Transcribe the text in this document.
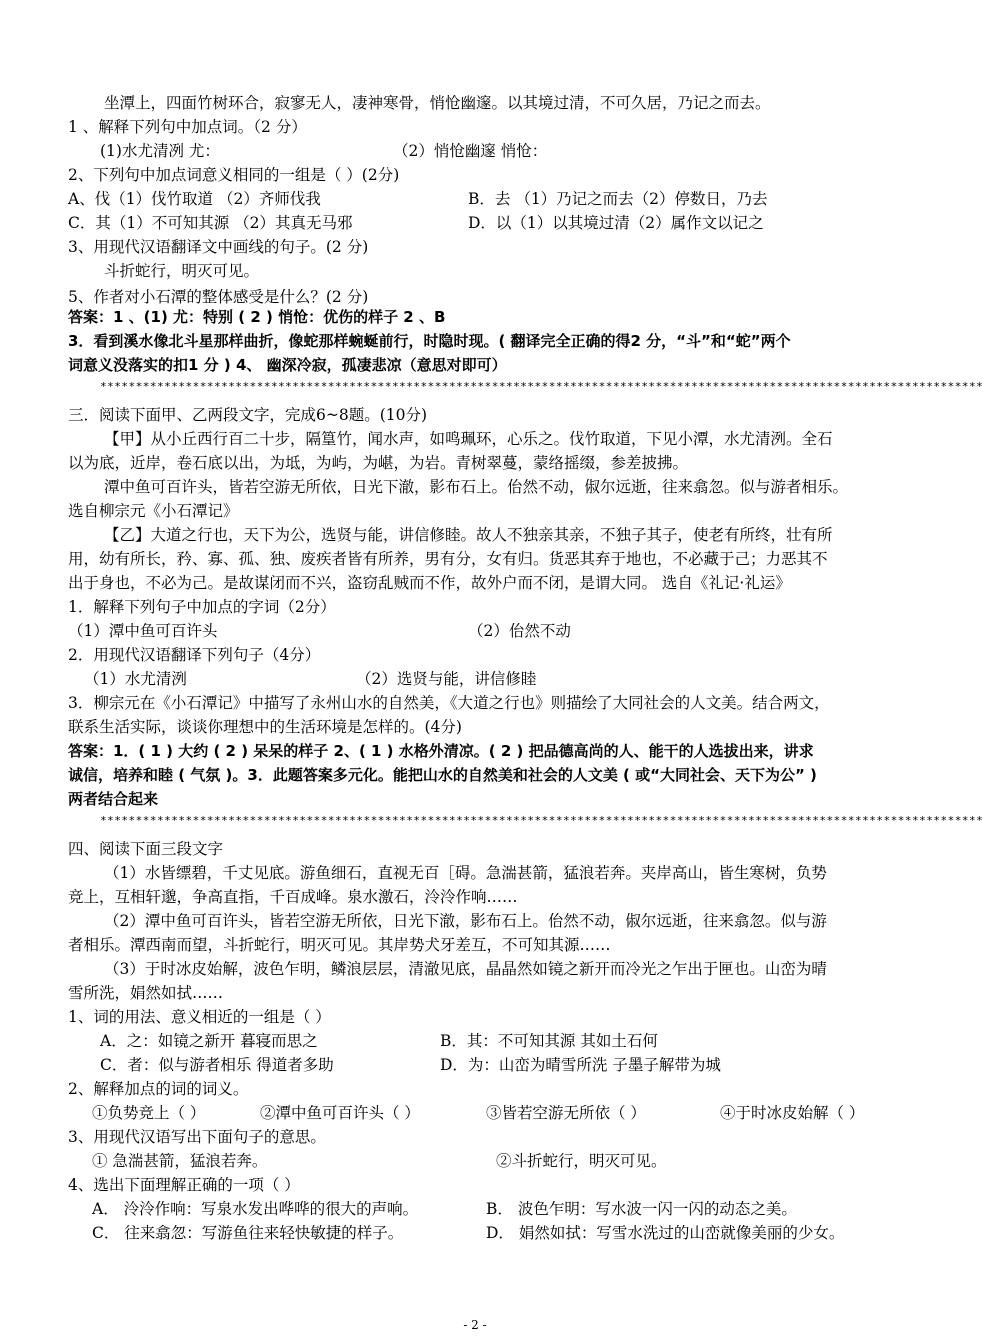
坐潭上，四面竹树环合，寂寥无人，凄神寒骨，悄怆幽邃。以其境过清，不可久居，乃记之而去。
1 、解释下列句中加点词。（2 分）
(1)水尤清冽 尤：	（2）悄怆幽邃 悄怆：
2、下列句中加点词意义相同的一组是（ ）(2分)
A、伐（1）伐竹取道 （2）齐师伐我	B．去 （1）乃记之而去（2）停数日，乃去
C．其（1）不可知其源 （2）其真无马邪	D．以（1）以其境过清（2）属作文以记之
3、用现代汉语翻译文中画线的句子。(2 分)
斗折蛇行，明灭可见。
5、作者对小石潭的整体感受是什么？(2 分)
答案：1 、(1) 尤：特别 ( 2 ) 悄怆：优伤的样子 2 、B
3．看到溪水像北斗星那样曲折，像蛇那样蜿蜒前行，时隐时现。( 翻译完全正确的得2 分，“斗”和“蛇”两个
词意义没落实的扣1 分 ) 4、 幽深冷寂，孤凄悲凉（意思对即可）
****************************************************************************************************************************
三．阅读下面甲、乙两段文字，完成6~8题。(10分)
【甲】从小丘西行百二十步，隔篁竹，闻水声，如鸣珮环，心乐之。伐竹取道，下见小潭，水尤清洌。全石
以为底，近岸，卷石底以出，为坻，为屿，为嵁，为岩。青树翠蔓，蒙络摇缀，参差披拂。
潭中鱼可百许头，皆若空游无所依，日光下澈，影布石上。佁然不动，俶尔远逝，往来翕忽。似与游者相乐。
选自柳宗元《小石潭记》
【乙】大道之行也，天下为公，选贤与能，讲信修睦。故人不独亲其亲，不独子其子，使老有所终，壮有所
用，幼有所长，矜、寡、孤、独、废疾者皆有所养，男有分，女有归。货恶其弃于地也，不必藏于己；力恶其不
出于身也，不必为己。是故谋闭而不兴，盗窃乱贼而不作，故外户而不闭，是谓大同。 选自《礼记·礼运》
1．解释下列句子中加点的字词（2分）
（1）潭中鱼可百许头	（2）佁然不动
2．用现代汉语翻译下列句子（4分）
（1）水尤清洌	（2）选贤与能，讲信修睦
3．柳宗元在《小石潭记》中描写了永州山水的自然美，《大道之行也》则描绘了大同社会的人文美。结合两文，
联系生活实际，谈谈你理想中的生活环境是怎样的。(4分)
答案：1．( 1 ) 大约 ( 2 ) 呆呆的样子 2、( 1 ) 水格外清凉。( 2 ) 把品德高尚的人、能干的人选拔出来，讲求
诚信，培养和睦 ( 气氛 )。3．此题答案多元化。能把山水的自然美和社会的人文美 ( 或“大同社会、天下为公” )
两者结合起来
****************************************************************************************************************************
四、阅读下面三段文字
（1）水皆缥碧，千丈见底。游鱼细石，直视无百［碍。急湍甚箭，猛浪若奔。夹岸高山，皆生寒树，负势
竞上，互相轩邈，争高直指，千百成峰。泉水激石，泠泠作响……
（2）潭中鱼可百许头，皆若空游无所依，日光下澈，影布石上。佁然不动，俶尔远逝，往来翕忽。似与游
者相乐。潭西南而望，斗折蛇行，明灭可见。其岸势犬牙差互，不可知其源……
（3）于时冰皮始解，波色乍明，鳞浪层层，清澈见底，晶晶然如镜之新开而冷光之乍出于匣也。山峦为晴
雪所洗，娟然如拭……
1、词的用法、意义相近的一组是（ ）
A．之：如镜之新开 暮寝而思之	B．其：不可知其源 其如土石何
C．者：似与游者相乐 得道者多助	D．为：山峦为晴雪所洗 子墨子解带为城
2、解释加点的词的词义。
①负势竞上（ ）	②潭中鱼可百许头（ ）	③皆若空游无所依（ ）	④于时冰皮始解（ ）
3、用现代汉语写出下面句子的意思。
① 急湍甚箭，猛浪若奔。	②斗折蛇行，明灭可见。
4、选出下面理解正确的一项（ ）
A． 泠泠作响：写泉水发出哗哗的很大的声响。	B． 波色乍明：写水波一闪一闪的动态之美。
C． 往来翕忽：写游鱼往来轻快敏捷的样子。	D． 娟然如拭：写雪水洗过的山峦就像美丽的少女。
- 2 -
